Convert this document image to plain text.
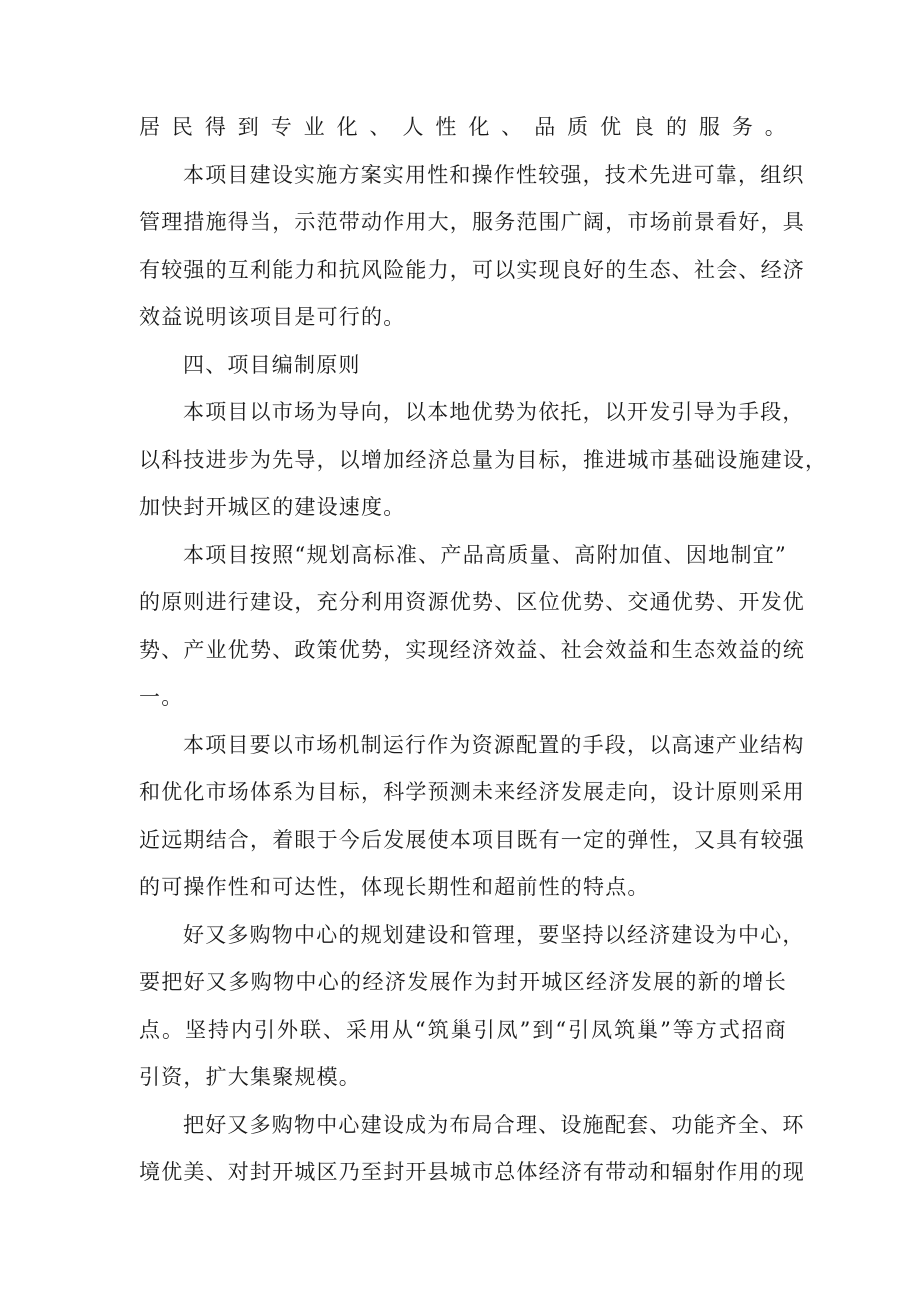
居民得到专业化、人性化、品质优良的服务。
本项目建设实施方案实用性和操作性较强，技术先进可靠，组织
管理措施得当，示范带动作用大，服务范围广阔，市场前景看好，具
有较强的互利能力和抗风险能力，可以实现良好的生态、社会、经济
效益说明该项目是可行的。
四、项目编制原则
本项目以市场为导向，以本地优势为依托，以开发引导为手段，
以科技进步为先导，以增加经济总量为目标，推进城市基础设施建设，
加快封开城区的建设速度。
本项目按照“规划高标准、产品高质量、高附加值、因地制宜”
的原则进行建设，充分利用资源优势、区位优势、交通优势、开发优
势、产业优势、政策优势，实现经济效益、社会效益和生态效益的统
一。
本项目要以市场机制运行作为资源配置的手段，以高速产业结构
和优化市场体系为目标，科学预测未来经济发展走向，设计原则采用
近远期结合，着眼于今后发展使本项目既有一定的弹性，又具有较强
的可操作性和可达性，体现长期性和超前性的特点。
好又多购物中心的规划建设和管理，要坚持以经济建设为中心，
要把好又多购物中心的经济发展作为封开城区经济发展的新的增长
点。坚持内引外联、采用从“筑巢引凤”到“引凤筑巢”等方式招商
引资，扩大集聚规模。
把好又多购物中心建设成为布局合理、设施配套、功能齐全、环
境优美、对封开城区乃至封开县城市总体经济有带动和辐射作用的现
